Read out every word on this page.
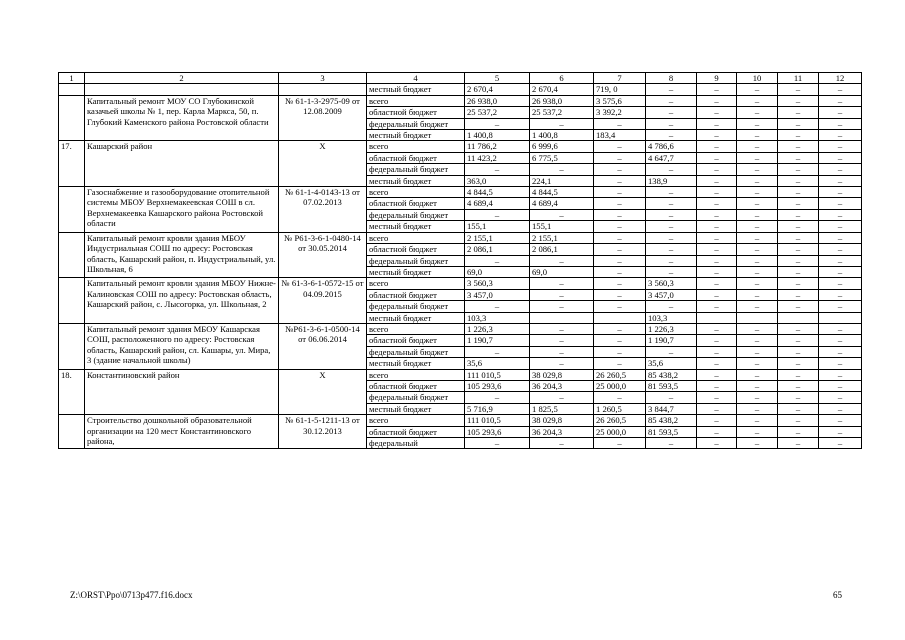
1	2	3	4	5	6	7	8	9	10	11	12
			местный бюджет	2 670,4	2 670,4	719, 0	–	–	–	–	–
	Капитальный ремонт МОУ СО Глубокинской казачьей школы № 1, пер. Карла Маркса, 50, п. Глубокий Каменского района Ростовской области	№ 61-1-3-2975-09 от 12.08.2009	всего	26 938,0	26 938,0	3 575,6	–	–	–	–	–
			областной бюджет	25 537,2	25 537,2	3 392,2	–	–	–	–	–
			федеральный бюджет	–	–	–	–	–	–	–	–
			местный бюджет	1 400,8	1 400,8	183,4	–	–	–	–	–
17.	Кашарский район	Х	всего	11 786,2	6 999,6	–	4 786,6	–	–	–	–
			областной бюджет	11 423,2	6 775,5	–	4 647,7	–	–	–	–
			федеральный бюджет	–	–	–	–	–	–	–	–
			местный бюджет	363,0	224,1	–	138,9	–	–	–	–
	Газоснабжение и газооборудование отопительной системы МБОУ Верхнемакеевская СОШ в сл. Верхнемакеевка Кашарского района Ростовской области	№ 61-1-4-0143-13 от 07.02.2013	всего	4 844,5	4 844,5	–	–	–	–	–	–
			областной бюджет	4 689,4	4 689,4	–	–	–	–	–	–
			федеральный бюджет	–	–	–	–	–	–	–	–
			местный бюджет	155,1	155,1	–	–	–	–	–	–
	Капитальный ремонт кровли здания МБОУ Индустриальная СОШ по адресу: Ростовская область, Кашарский район, п. Индустриальный, ул. Школьная, 6	№ Р61-3-6-1-0480-14 от 30.05.2014	всего	2 155,1	2 155,1	–	–	–	–	–	–
			областной бюджет	2 086,1	2 086,1	–	–	–	–	–	–
			федеральный бюджет	–	–	–	–	–	–	–	–
			местный бюджет	69,0	69,0	–	–	–	–	–	–
	Капитальный ремонт кровли здания МБОУ Нижне-Калиновская СОШ по адресу: Ростовская область, Кашарский район, с. Лысогорка, ул. Школьная, 2	№ 61-3-6-1-0572-15 от 04.09.2015	всего	3 560,3	–	–	3 560,3	–	–	–	–
			областной бюджет	3 457,0	–	–	3 457,0	–	–	–	–
			федеральный бюджет	–	–	–	–	–	–	–	–
			местный бюджет	103,3			103,3				
	Капитальный ремонт здания МБОУ Кашарская СОШ, расположенного по адресу: Ростовская область, Кашарский район, сл. Кашары, ул. Мира, 3 (здание начальной школы)	№Р61-3-6-1-0500-14 от 06.06.2014	всего	1 226,3	–	–	1 226,3	–	–	–	–
			областной бюджет	1 190,7	–	–	1 190,7	–	–	–	–
			федеральный бюджет	–	–	–	–	–	–	–	–
			местный бюджет	35,6	–	–	35,6	–	–	–	–
18.	Константиновский район	Х	всего	111 010,5	38 029,8	26 260,5	85 438,2	–	–	–	–
			областной бюджет	105 293,6	36 204,3	25 000,0	81 593,5	–	–	–	–
			федеральный бюджет	–	–	–	–	–	–	–	–
			местный бюджет	5 716,9	1 825,5	1 260,5	3 844,7	–	–	–	–
	Строительство дошкольной образовательной организации на 120 мест Константиновского района,	№ 61-1-5-1211-13 от 30.12.2013	всего	111 010,5	38 029,8	26 260,5	85 438,2	–	–	–	–
			областной бюджет	105 293,6	36 204,3	25 000,0	81 593,5	–	–	–	–
			федеральный	–	–	–	–	–	–	–	–
Z:\ORST\Ppo\0713p477.f16.docx	65
